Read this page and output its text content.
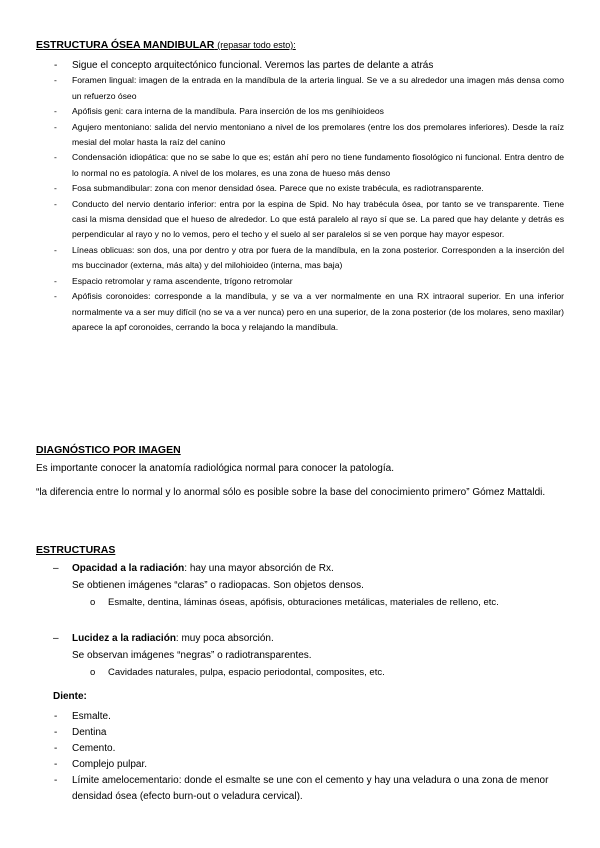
ESTRUCTURA ÓSEA MANDIBULAR (repasar todo esto):
- Sigue el concepto arquitectónico funcional. Veremos las partes de delante a atrás
- Foramen lingual: imagen de la entrada en la mandíbula de la arteria lingual. Se ve a su alrededor una imagen más densa como un refuerzo óseo
- Apófisis geni: cara interna de la mandíbula. Para inserción de los ms genihioideos
- Agujero mentoniano: salida del nervio mentoniano a nivel de los premolares (entre los dos premolares inferiores). Desde la raíz mesial del molar hasta la raíz del canino
- Condensación idiopática: que no se sabe lo que es; están ahí pero no tiene fundamento fiosológico ni funcional. Entra dentro de lo normal no es patología. A nivel de los molares, es una zona de hueso más denso
- Fosa submandibular: zona con menor densidad ósea. Parece que no existe trabécula, es radiotransparente.
- Conducto del nervio dentario inferior: entra por la espina de Spid. No hay trabécula ósea, por tanto se ve transparente. Tiene casi la misma densidad que el hueso de alrededor. Lo que está paralelo al rayo sí que se. La pared que hay delante y detrás es perpendicular al rayo y no lo vemos, pero el techo y el suelo al ser paralelos si se ven porque hay mayor espesor.
- Líneas oblicuas: son dos, una por dentro y otra por fuera de la mandíbula, en la zona posterior. Corresponden a la inserción del ms buccinador (externa, más alta) y del milohioideo (interna, mas baja)
- Espacio retromolar y rama ascendente, trígono retromolar
- Apófisis coronoides: corresponde a la mandíbula, y se va a ver normalmente en una RX intraoral superior. En una inferior normalmente va a ser muy difícil (no se va a ver nunca) pero en una superior, de la zona posterior (de los molares, seno maxilar) aparece la apf coronoides, cerrando la boca y relajando la mandíbula.
DIAGNÓSTICO POR IMAGEN

Es importante conocer la anatomía radiológica normal para conocer la patología.

“la diferencia entre lo normal y lo anormal sólo es posible sobre la base del conocimiento primero” Gómez Mattaldi.

ESTRUCTURAS
–	Opacidad a la radiación: hay una mayor absorción de Rx.
Se obtienen imágenes “claras” o radiopacas. Son objetos densos.
o Esmalte, dentina, láminas óseas, apófisis, obturaciones metálicas, materiales de relleno, etc.
–	Lucidez a la radiación: muy poca absorción.
Se observan imágenes “negras” o radiotransparentes.
o Cavidades naturales, pulpa, espacio periodontal, composites, etc.
Diente:
- Esmalte.
- Dentina
- Cemento.
- Complejo pulpar.
- Límite amelocementario: donde el esmalte se une con el cemento y hay una veladura o una zona de menor densidad ósea (efecto burn-out o veladura cervical).
